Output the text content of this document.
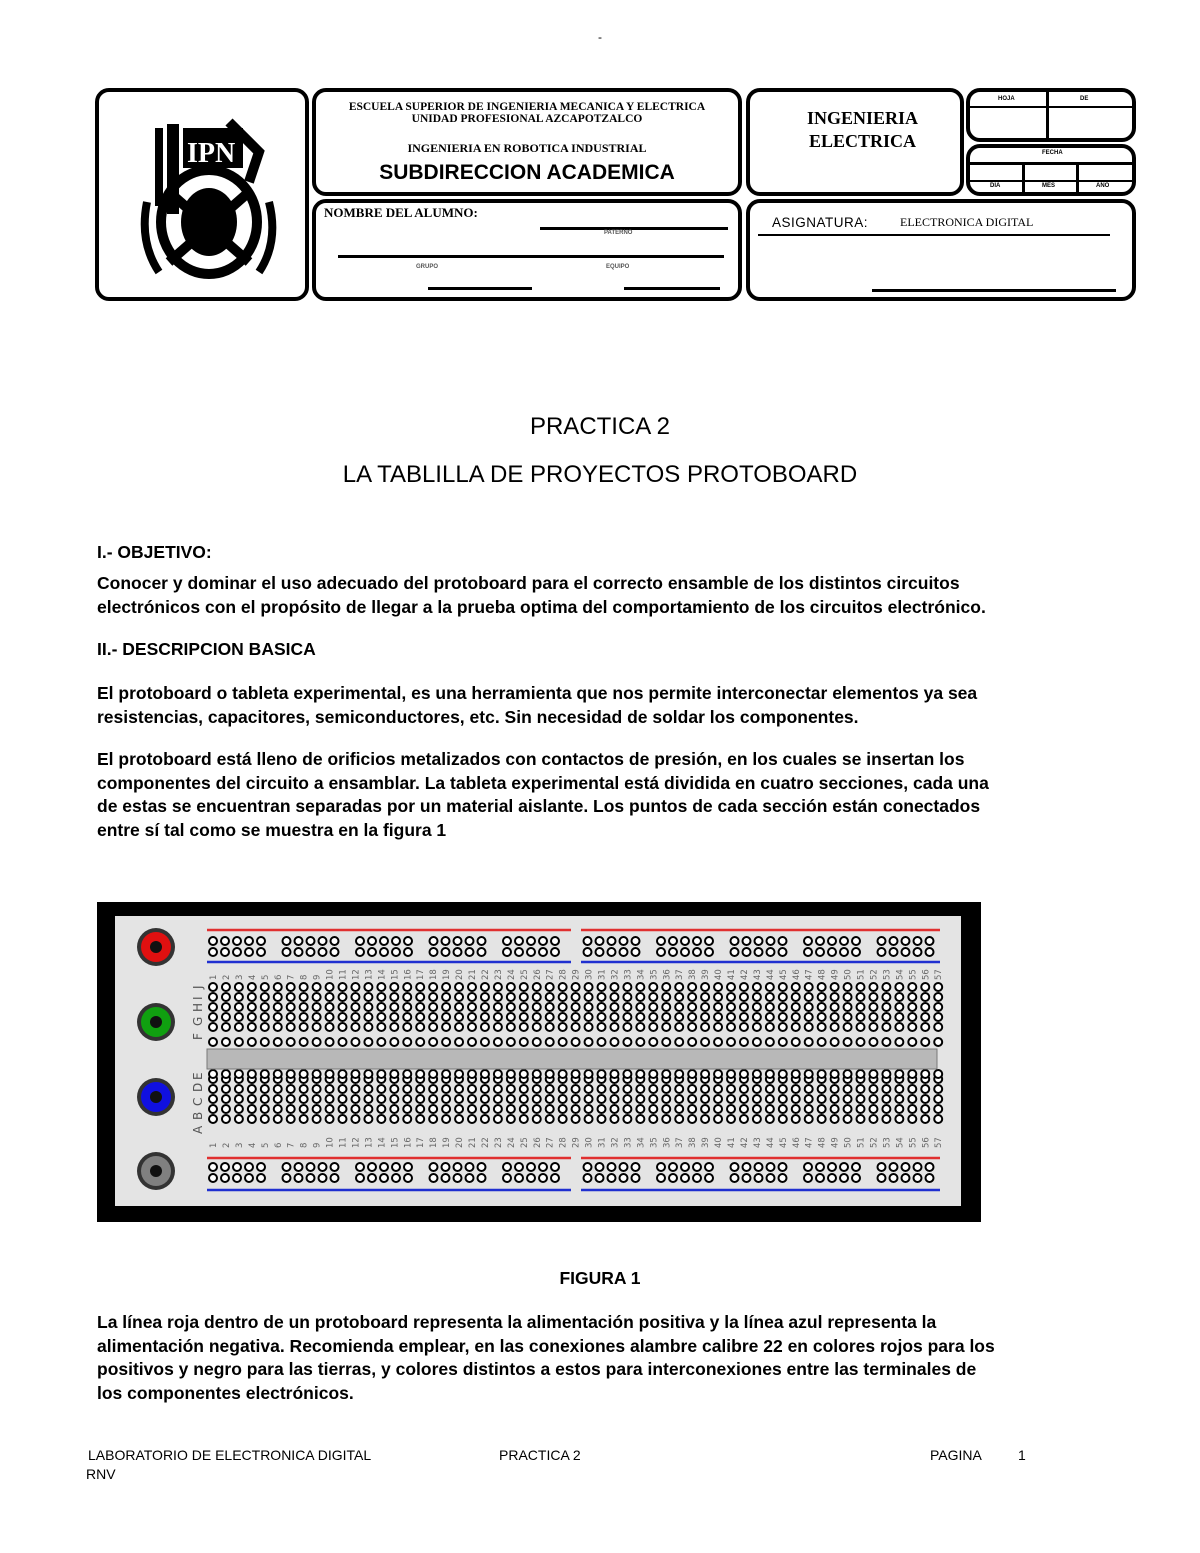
-
IPN
ESCUELA SUPERIOR DE INGENIERIA MECANICA Y ELECTRICA
UNIDAD PROFESIONAL AZCAPOTZALCO
INGENIERIA EN ROBOTICA INDUSTRIAL
SUBDIRECCION ACADEMICA
INGENIERIA
ELECTRICA
HOJA	DE
FECHA
DIA	MES	AÑO
NOMBRE DEL ALUMNO:
PATERNO
GRUPO	EQUIPO
ASIGNATURA:	ELECTRONICA DIGITAL
PRACTICA 2
LA TABLILLA DE PROYECTOS PROTOBOARD
I.- OBJETIVO:
Conocer y dominar el uso adecuado del protoboard para el correcto ensamble de los distintos circuitos
electrónicos con el propósito de llegar a la prueba optima del comportamiento de los circuitos electrónico.
II.- DESCRIPCION BASICA
El protoboard o tableta experimental, es una herramienta que nos permite interconectar elementos ya sea
resistencias, capacitores, semiconductores, etc. Sin necesidad de soldar los componentes.
El protoboard está lleno de orificios metalizados con contactos de presión, en los cuales se insertan los
componentes del circuito a ensamblar. La tableta experimental está dividida en cuatro secciones, cada una
de estas se encuentran separadas por un material aislante. Los puntos de cada sección están conectados
entre sí tal como se muestra en la figura 1
1
1
2
2
3
3
4
4
5
5
6
6
7
7
8
8
9
9
10
10
11
11
12
12
13
13
14
14
15
15
16
16
17
17
18
18
19
19
20
20
21
21
22
22
23
23
24
24
25
25
26
26
27
27
28
28
29
29
30
30
31
31
32
32
33
33
34
34
35
35
36
36
37
37
38
38
39
39
40
40
41
41
42
42
43
43
44
44
45
45
46
46
47
47
48
48
49
49
50
50
51
51
52
52
53
53
54
54
55
55
56
56
57
57
F
G
H
I
J
A
B
C
D
E
FIGURA 1
La línea roja dentro de un protoboard representa la alimentación positiva y la línea azul representa la
alimentación negativa. Recomienda emplear, en las conexiones alambre calibre 22 en colores rojos para los
positivos y negro para las tierras, y colores distintos a estos para interconexiones entre las terminales de
los componentes electrónicos.
LABORATORIO DE ELECTRONICA DIGITAL	PRACTICA 2	PAGINA	1
RNV
